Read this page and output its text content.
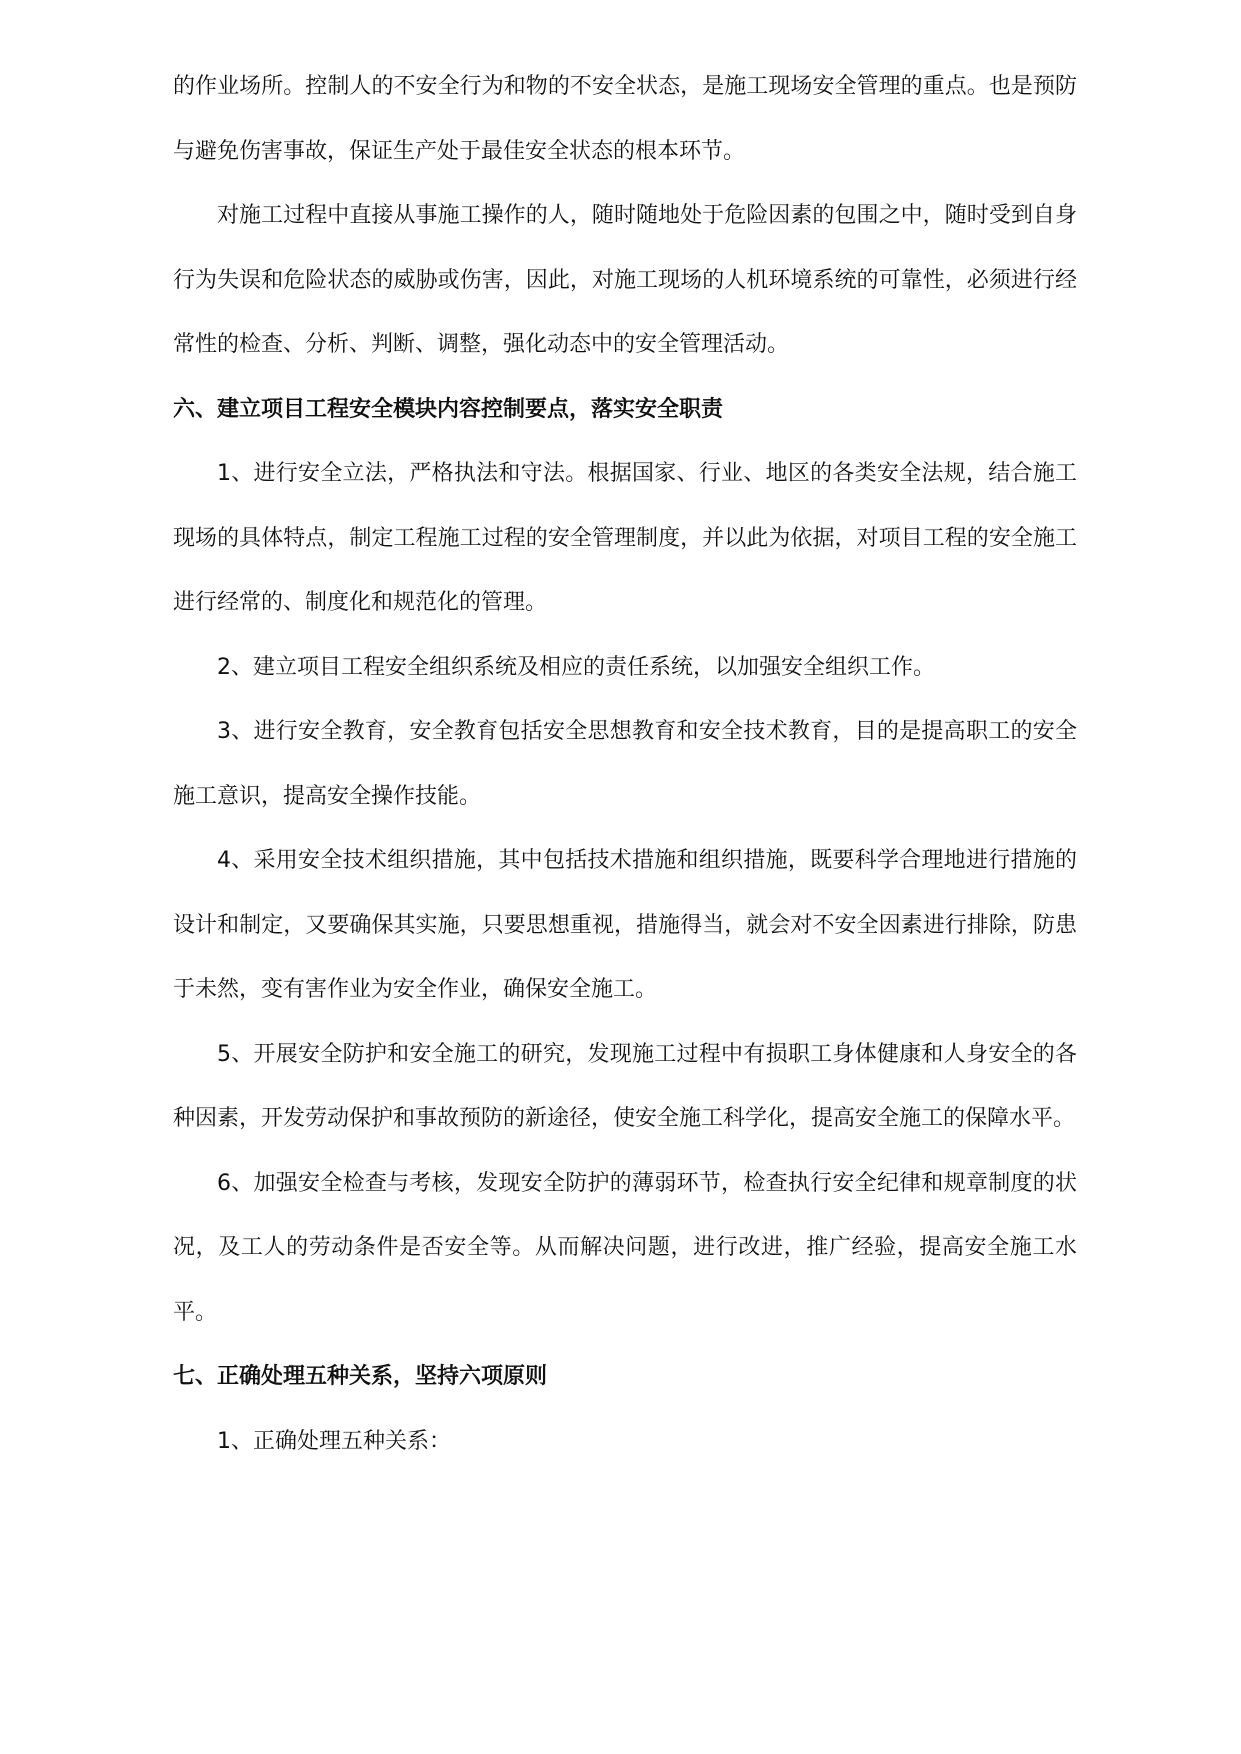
的作业场所。控制人的不安全行为和物的不安全状态，是施工现场安全管理的重点。也是预防与避免伤害事故，保证生产处于最佳安全状态的根本环节。

对施工过程中直接从事施工操作的人，随时随地处于危险因素的包围之中，随时受到自身行为失误和危险状态的威胁或伤害，因此，对施工现场的人机环境系统的可靠性，必须进行经常性的检查、分析、判断、调整，强化动态中的安全管理活动。

六、建立项目工程安全模块内容控制要点，落实安全职责

1、进行安全立法，严格执法和守法。根据国家、行业、地区的各类安全法规，结合施工现场的具体特点，制定工程施工过程的安全管理制度，并以此为依据，对项目工程的安全施工进行经常的、制度化和规范化的管理。

2、建立项目工程安全组织系统及相应的责任系统，以加强安全组织工作。

3、进行安全教育，安全教育包括安全思想教育和安全技术教育，目的是提高职工的安全施工意识，提高安全操作技能。

4、采用安全技术组织措施，其中包括技术措施和组织措施，既要科学合理地进行措施的设计和制定，又要确保其实施，只要思想重视，措施得当，就会对不安全因素进行排除，防患于未然，变有害作业为安全作业，确保安全施工。

5、开展安全防护和安全施工的研究，发现施工过程中有损职工身体健康和人身安全的各种因素，开发劳动保护和事故预防的新途径，使安全施工科学化，提高安全施工的保障水平。

6、加强安全检查与考核，发现安全防护的薄弱环节，检查执行安全纪律和规章制度的状况，及工人的劳动条件是否安全等。从而解决问题，进行改进，推广经验，提高安全施工水平。

七、正确处理五种关系，坚持六项原则

1、正确处理五种关系：
